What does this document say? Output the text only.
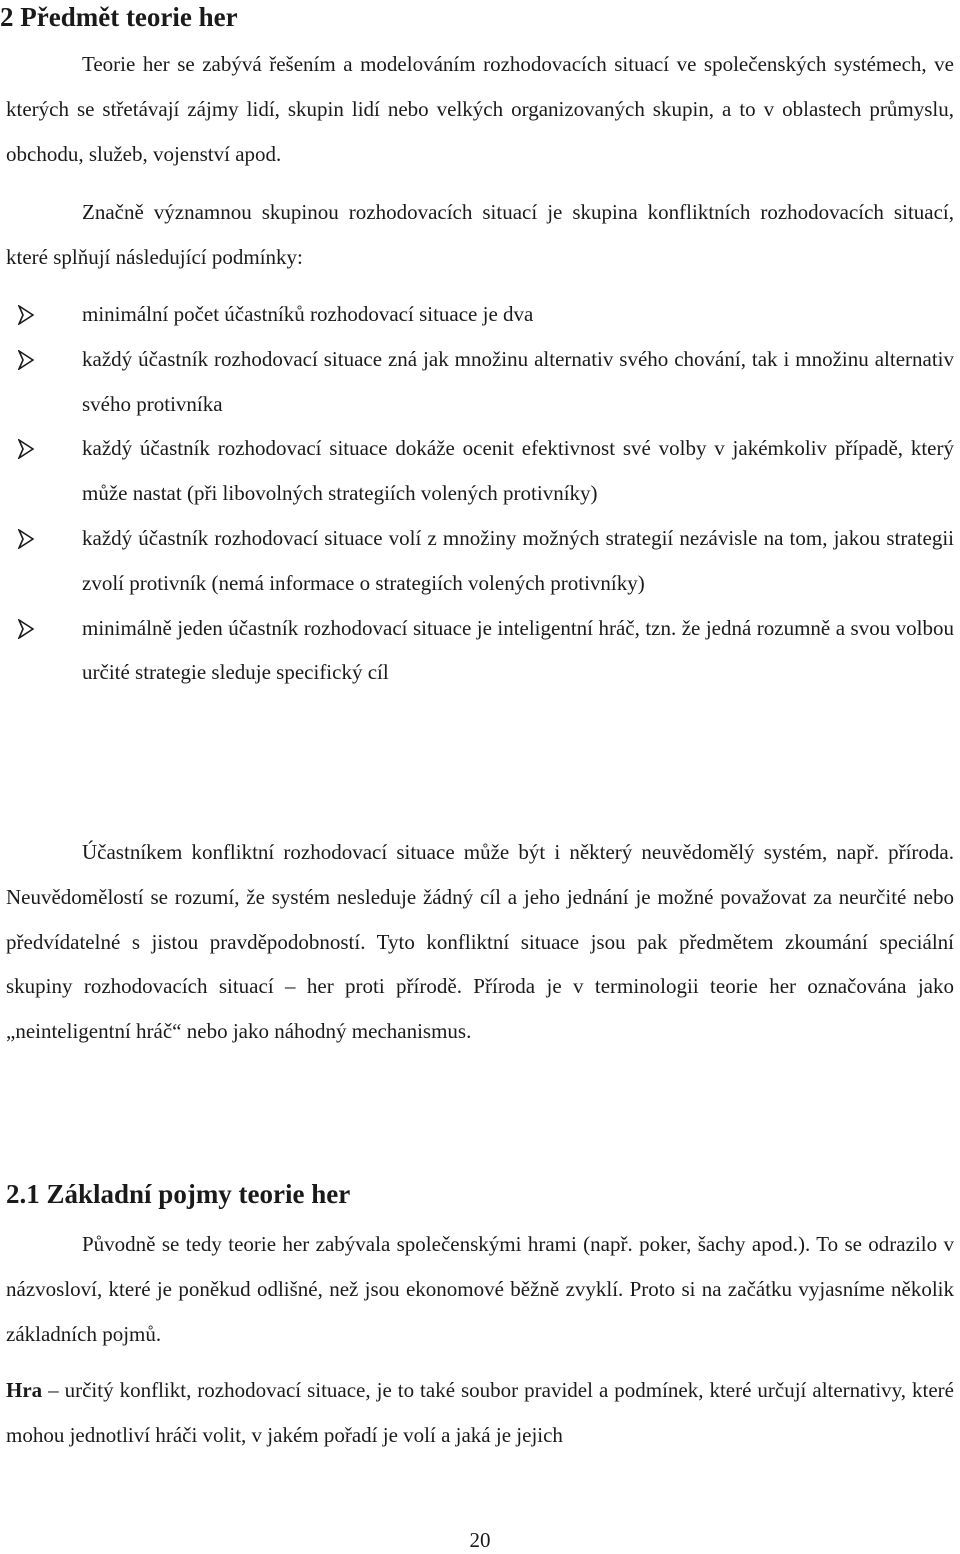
2 Předmět teorie her

Teorie her se zabývá řešením a modelováním rozhodovacích situací ve společenských systémech, ve kterých se střetávají zájmy lidí, skupin lidí nebo velkých organizovaných skupin, a to v oblastech průmyslu, obchodu, služeb, vojenství apod.

Značně významnou skupinou rozhodovacích situací je skupina konfliktních rozhodovacích situací, které splňují následující podmínky:

minimální počet účastníků rozhodovací situace je dva
každý účastník rozhodovací situace zná jak množinu alternativ svého chování, tak i množinu alternativ svého protivníka
každý účastník rozhodovací situace dokáže ocenit efektivnost své volby v jakémkoliv případě, který může nastat (při libovolných strategiích volených protivníky)
každý účastník rozhodovací situace volí z množiny možných strategií nezávisle na tom, jakou strategii zvolí protivník (nemá informace o strategiích volených protivníky)
minimálně jeden účastník rozhodovací situace je inteligentní hráč, tzn. že jedná rozumně a svou volbou určité strategie sleduje specifický cíl

Účastníkem konfliktní rozhodovací situace může být i některý neuvědomělý systém, např. příroda. Neuvědomělostí se rozumí, že systém nesleduje žádný cíl a jeho jednání je možné považovat za neurčité nebo předvídatelné s jistou pravděpodobností. Tyto konfliktní situace jsou pak předmětem zkoumání speciální skupiny rozhodovacích situací – her proti přírodě. Příroda je v terminologii teorie her označována jako „neinteligentní hráč“ nebo jako náhodný mechanismus.

2.1 Základní pojmy teorie her

Původně se tedy teorie her zabývala společenskými hrami (např. poker, šachy apod.). To se odrazilo v názvosloví, které je poněkud odlišné, než jsou ekonomové běžně zvyklí. Proto si na začátku vyjasníme několik základních pojmů.

Hra – určitý konflikt, rozhodovací situace, je to také soubor pravidel a podmínek, které určují alternativy, které mohou jednotliví hráči volit, v jakém pořadí je volí a jaká je jejich

20
